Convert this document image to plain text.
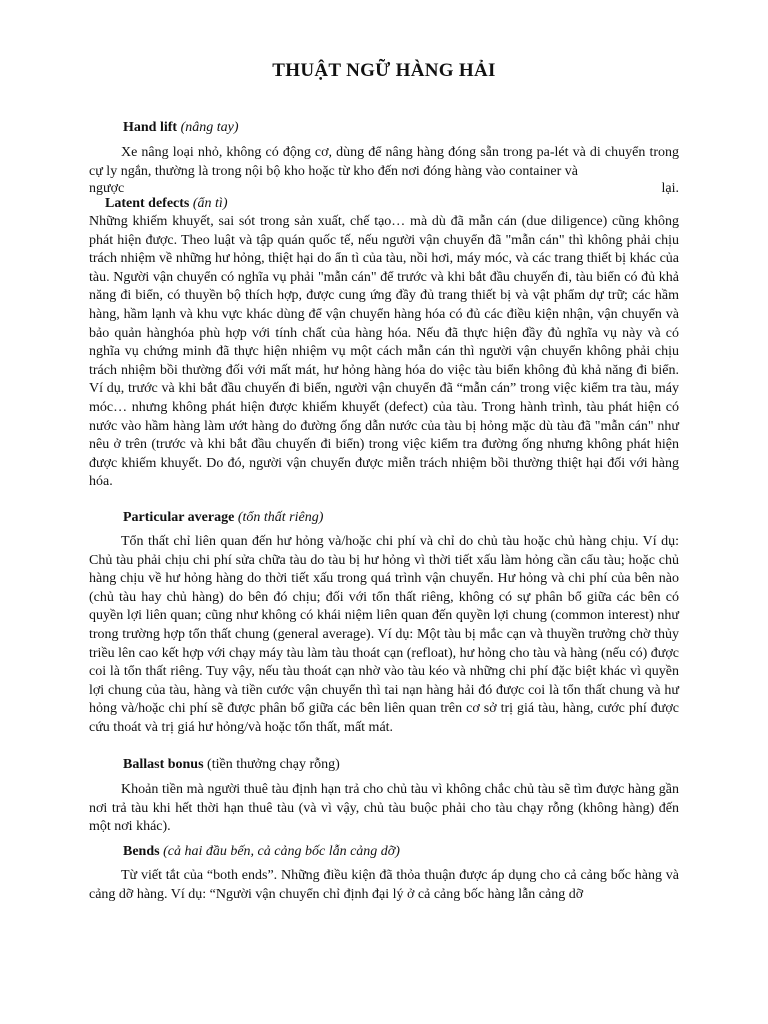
THUẬT NGỮ HÀNG HẢI
Hand lift (nâng tay)
Xe nâng loại nhỏ, không có động cơ, dùng để nâng hàng đóng sẵn trong pa-lét và di chuyển trong cự ly ngắn, thường là trong nội bộ kho hoặc từ kho đến nơi đóng hàng vào container và
ngược	lại.
Latent defects (ẩn tì)
Những khiếm khuyết, sai sót trong sản xuất, chế tạo… mà dù đã mẫn cán (due diligence) cũng không phát hiện được. Theo luật và tập quán quốc tế, nếu người vận chuyển đã "mẫn cán" thì không phải chịu trách nhiệm về những hư hỏng, thiệt hại do ẩn tì của tàu, nồi hơi, máy móc, và các trang thiết bị khác của tàu. Người vận chuyển có nghĩa vụ phải "mẫn cán" để trước và khi bắt đầu chuyến đi, tàu biển có đủ khả năng đi biển, có thuyền bộ thích hợp, được cung ứng đầy đủ trang thiết bị và vật phẩm dự trữ; các hầm hàng, hầm lạnh và khu vực khác dùng để vận chuyển hàng hóa có đủ các điều kiện nhận, vận chuyển và bảo quản hànghóa phù hợp với tính chất của hàng hóa. Nếu đã thực hiện đầy đủ nghĩa vụ này và có nghĩa vụ chứng minh đã thực hiện nhiệm vụ một cách mẫn cán thì người vận chuyển không phải chịu trách nhiệm bồi thường đối với mất mát, hư hỏng hàng hóa do việc tàu biển không đủ khả năng đi biển. Ví dụ, trước và khi bắt đầu chuyến đi biển, người vận chuyển đã “mẫn cán” trong việc kiểm tra tàu, máy móc… nhưng không phát hiện được khiếm khuyết (defect) của tàu. Trong hành trình, tàu phát hiện có nước vào hầm hàng làm ướt hàng do đường ống dẫn nước của tàu bị hỏng mặc dù tàu đã "mẫn cán" như nêu ở trên (trước và khi bắt đầu chuyến đi biển) trong việc kiểm tra đường ống nhưng không phát hiện được khiếm khuyết. Do đó, người vận chuyển được miễn trách nhiệm bồi thường thiệt hại đối với hàng hóa.
Particular average (tổn thất riêng)
Tổn thất chỉ liên quan đến hư hỏng và/hoặc chi phí và chỉ do chủ tàu hoặc chủ hàng chịu. Ví dụ: Chủ tàu phải chịu chi phí sửa chữa tàu do tàu bị hư hỏng vì thời tiết xấu làm hỏng cần cẩu tàu; hoặc chủ hàng chịu về hư hỏng hàng do thời tiết xấu trong quá trình vận chuyển. Hư hỏng và chi phí của bên nào (chủ tàu hay chủ hàng) do bên đó chịu; đối với tổn thất riêng, không có sự phân bổ giữa các bên có quyền lợi liên quan; cũng như không có khái niệm liên quan đến quyền lợi chung (common interest) như trong trường hợp tổn thất chung (general average). Ví dụ: Một tàu bị mắc cạn và thuyền trưởng chờ thủy triều lên cao kết hợp với chạy máy tàu làm tàu thoát cạn (refloat), hư hỏng cho tàu và hàng (nếu có) được coi là tổn thất riêng. Tuy vậy, nếu tàu thoát cạn nhờ vào tàu kéo và những chi phí đặc biệt khác vì quyền lợi chung của tàu, hàng và tiền cước vận chuyển thì tai nạn hàng hải đó được coi là tổn thất chung và hư hỏng và/hoặc chi phí sẽ được phân bổ giữa các bên liên quan trên cơ sở trị giá tàu, hàng, cước phí được cứu thoát và trị giá hư hỏng/và hoặc tổn thất, mất mát.
Ballast bonus (tiền thưởng chạy rỗng)
Khoản tiền mà người thuê tàu định hạn trả cho chủ tàu vì không chắc chủ tàu sẽ tìm được hàng gần nơi trả tàu khi hết thời hạn thuê tàu (và vì vậy, chủ tàu buộc phải cho tàu chạy rỗng (không hàng) đến một nơi khác).
Bends (cả hai đầu bến, cả cảng bốc lẫn cảng dỡ)
Từ viết tắt của “both ends”. Những điều kiện đã thỏa thuận được áp dụng cho cả cảng bốc hàng và cảng dỡ hàng. Ví dụ: “Người vận chuyển chỉ định đại lý ở cả cảng bốc hàng lẫn cảng dỡ
